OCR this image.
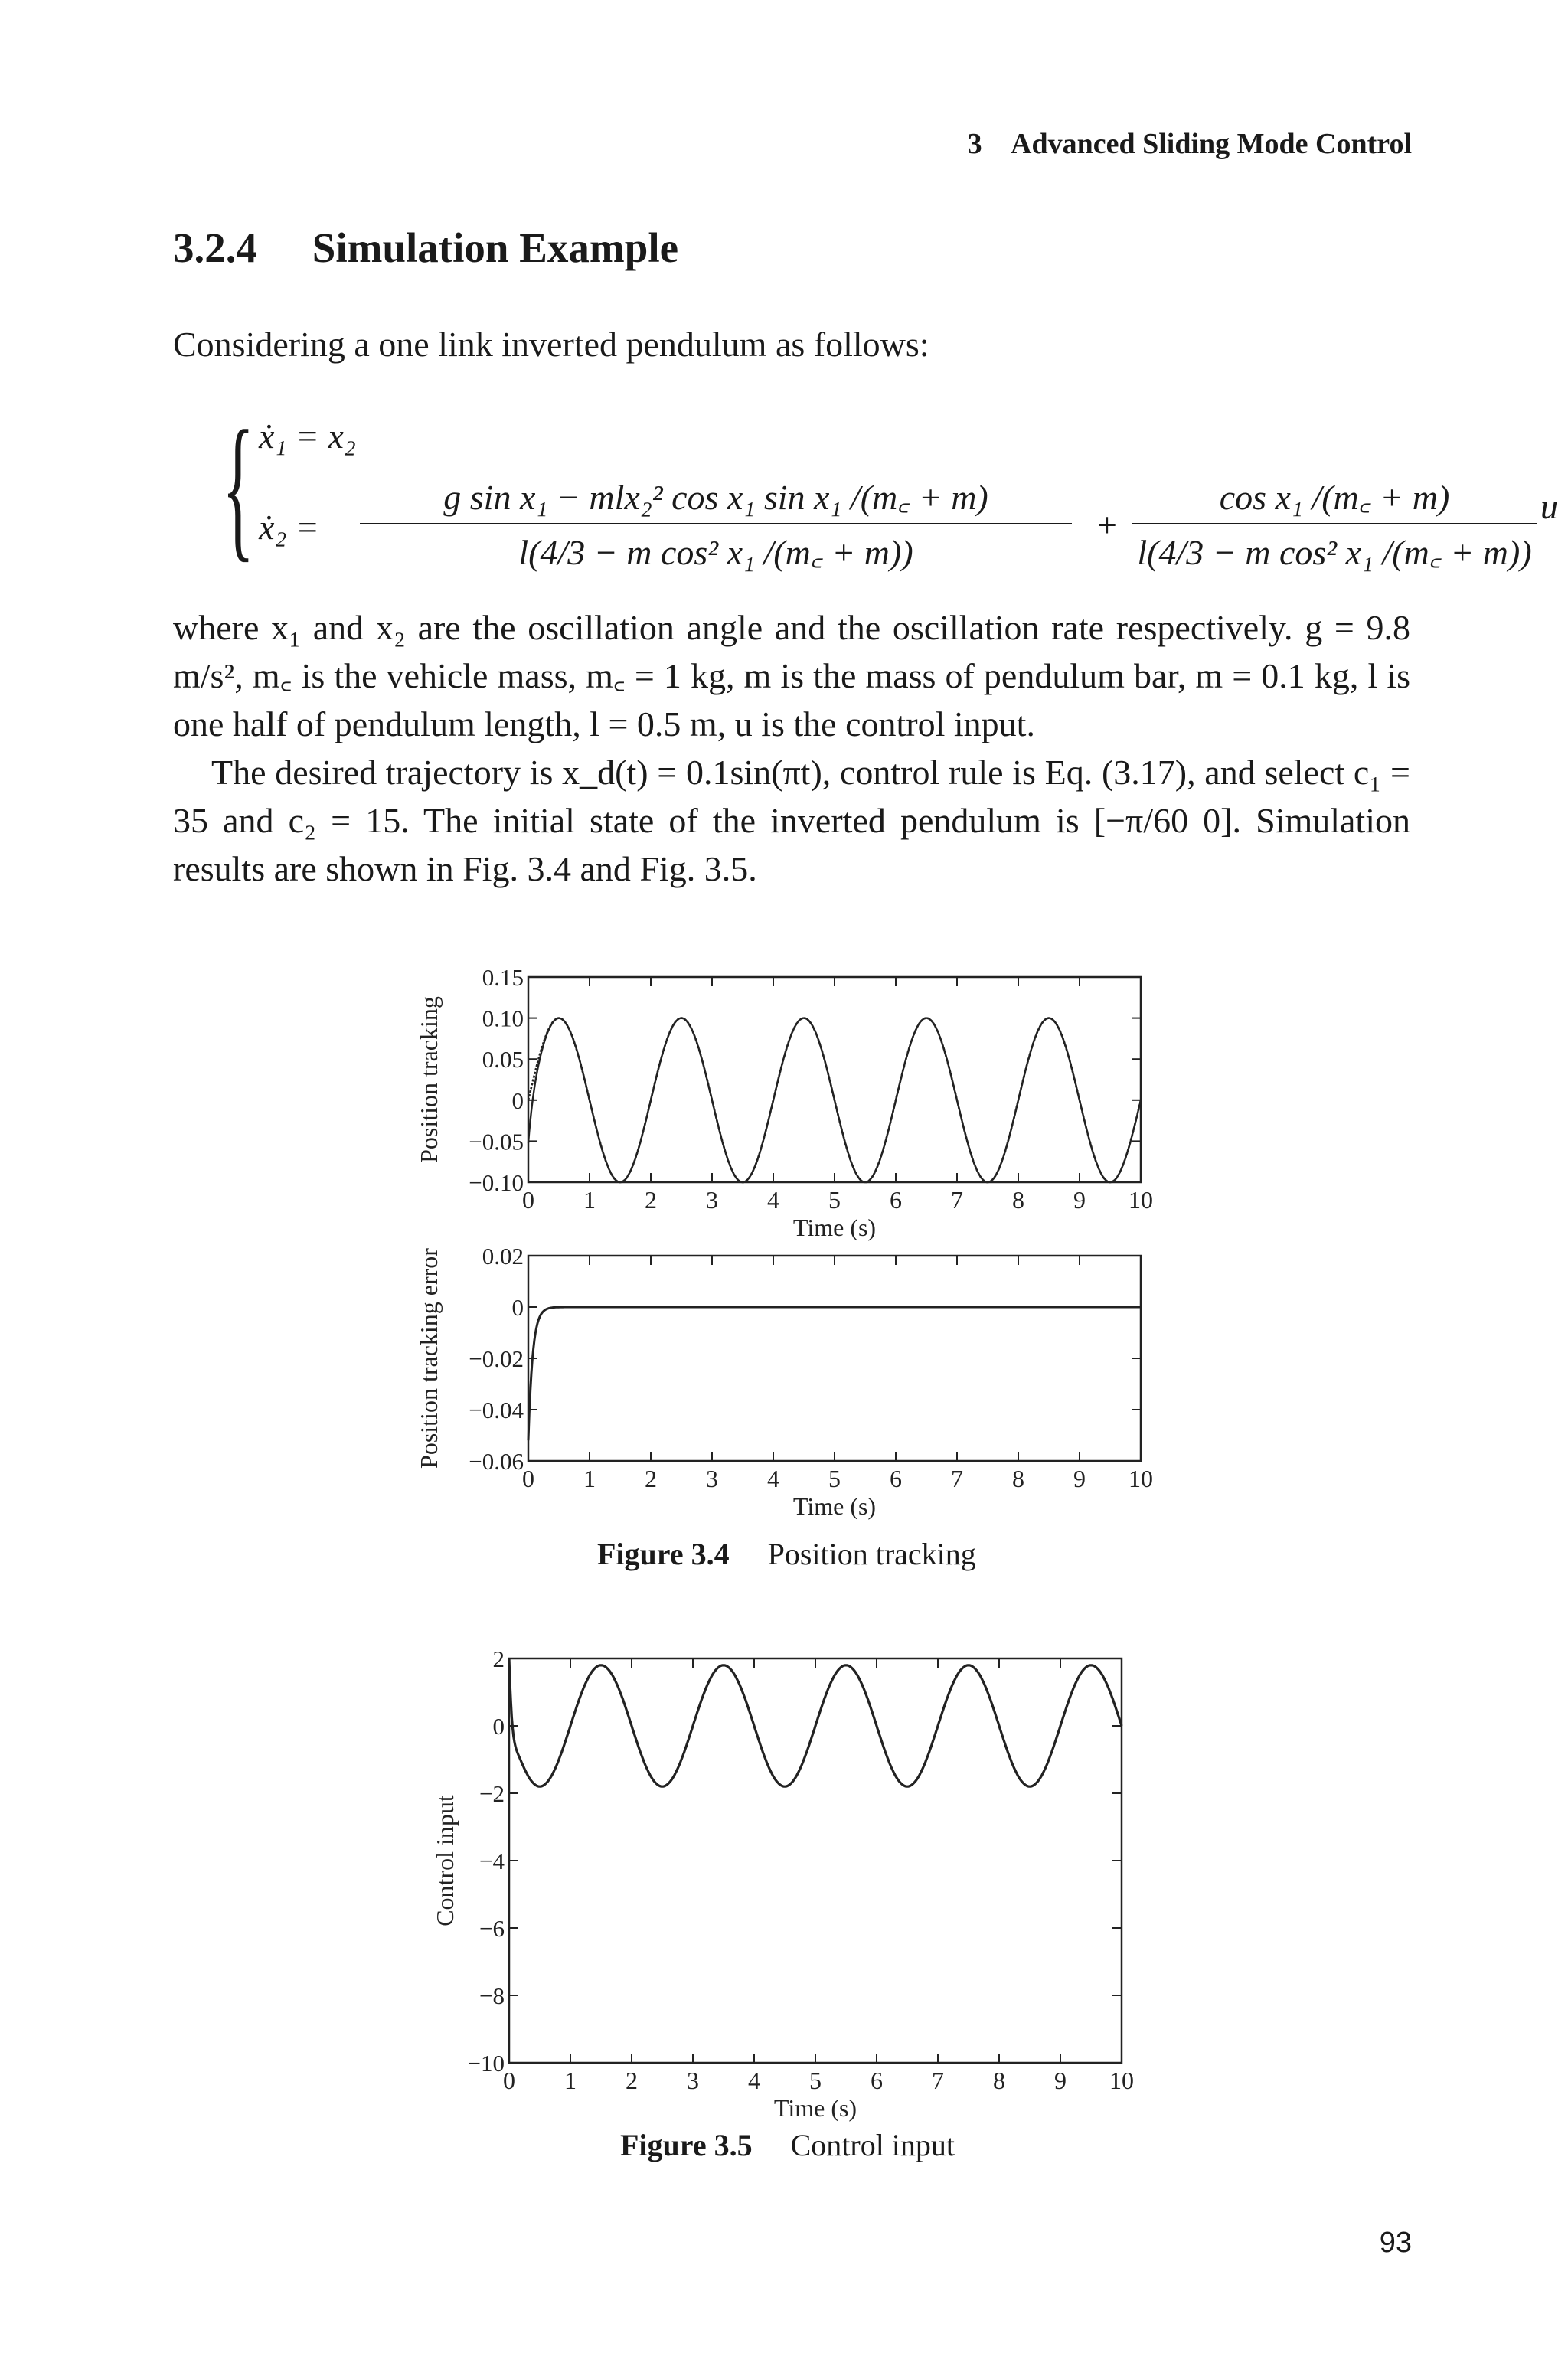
3 Advanced Sliding Mode Control
3.2.4 Simulation Example
Considering a one link inverted pendulum as follows:
{ ẋ₁ = x₂
ẋ₂ =
g sin x₁ − mlx₂² cos x₁ sin x₁ /(m꜀ + m)
l(4/3 − m cos² x₁ /(m꜀ + m))
+
cos x₁ /(m꜀ + m)
l(4/3 − m cos² x₁ /(m꜀ + m))
u
where x₁ and x₂ are the oscillation angle and the oscillation rate respectively. g = 9.8 m/s², m꜀ is the vehicle mass, m꜀ = 1 kg, m is the mass of pendulum bar, m = 0.1 kg, l is one half of pendulum length, l = 0.5 m, u is the control input.
The desired trajectory is x_d(t) = 0.1sin(πt), control rule is Eq. (3.17), and select c₁ = 35 and c₂ = 15. The initial state of the inverted pendulum is [−π/60 0]. Simulation results are shown in Fig. 3.4 and Fig. 3.5.
0 1 2 3 4 5 6 7 8 9 10
0.15
0.10
0.05
0
−0.05
−0.10
Time (s)
Position tracking
0 1 2 3 4 5 6 7 8 9 10
0.02
0
−0.02
−0.04
−0.06
Time (s)
Position tracking error
Figure 3.4 Position tracking
0 1 2 3 4 5 6 7 8 9 10
2
0
−2
−4
−6
−8
−10
Time (s)
Control input
Figure 3.5 Control input
93
